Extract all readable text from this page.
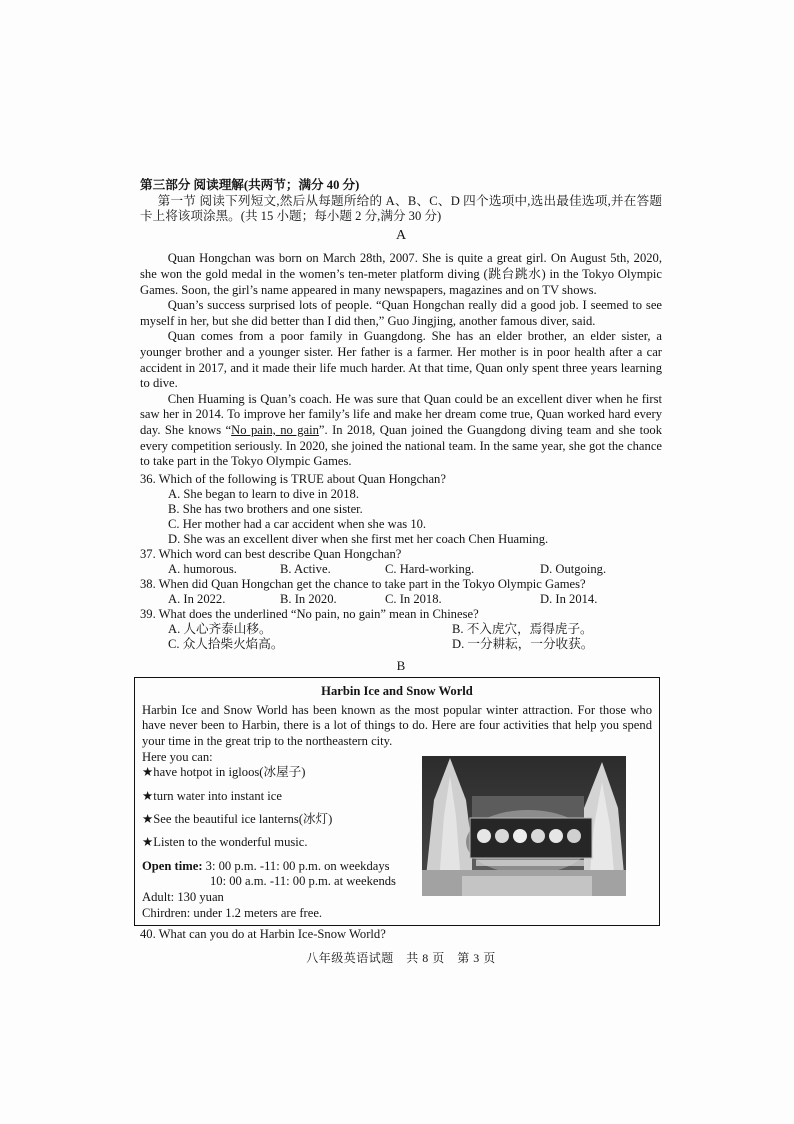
第三部分 阅读理解(共两节；满分 40 分)

第一节 阅读下列短文,然后从每题所给的 A、B、C、D 四个选项中,选出最佳选项,并在答题卡上将该项涂黑。(共 15 小题；每小题 2 分,满分 30 分)

A

Quan Hongchan was born on March 28th, 2007. She is quite a great girl. On August 5th, 2020, she won the gold medal in the women’s ten-meter platform diving (跳台跳水) in the Tokyo Olympic Games. Soon, the girl’s name appeared in many newspapers, magazines and on TV shows.

Quan’s success surprised lots of people. “Quan Hongchan really did a good job. I seemed to see myself in her, but she did better than I did then,” Guo Jingjing, another famous diver, said.

Quan comes from a poor family in Guangdong. She has an elder brother, an elder sister, a younger brother and a younger sister. Her father is a farmer. Her mother is in poor health after a car accident in 2017, and it made their life much harder. At that time, Quan only spent three years learning to dive.

Chen Huaming is Quan’s coach. He was sure that Quan could be an excellent diver when he first saw her in 2014. To improve her family’s life and make her dream come true, Quan worked hard every day. She knows “No pain, no gain”. In 2018, Quan joined the Guangdong diving team and she took every competition seriously. In 2020, she joined the national team. In the same year, she got the chance to take part in the Tokyo Olympic Games.

36. Which of the following is TRUE about Quan Hongchan?

A. She began to learn to dive in 2018.

B. She has two brothers and one sister.

C. Her mother had a car accident when she was 10.

D. She was an excellent diver when she first met her coach Chen Huaming.

37. Which word can best describe Quan Hongchan?

A. humorous.	B. Active.	C. Hard-working.	D. Outgoing.

38. When did Quan Hongchan get the chance to take part in the Tokyo Olympic Games?

A. In 2022.	B. In 2020.	C. In 2018.	D. In 2014.

39. What does the underlined “No pain, no gain” mean in Chinese?

A. 人心齐泰山移。	B. 不入虎穴，焉得虎子。
C. 众人拾柴火焰高。	D. 一分耕耘，一分收获。
B
Harbin Ice and Snow World

Harbin Ice and Snow World has been known as the most popular winter attraction. For those who have never been to Harbin, there is a lot of things to do. Here are four activities that help you spend your time in the great trip to the northeastern city.

Here you can:

★have hotpot in igloos(冰屋子)

★turn water into instant ice

★See the beautiful ice lanterns(冰灯)

★Listen to the wonderful music.

Open time: 3: 00 p.m. -11: 00 p.m. on weekdays

10: 00 a.m. -11: 00 p.m. at weekends

Adult: 130 yuan

Chirdren: under 1.2 meters are free.

40. What can you do at Harbin Ice-Snow World?

八年级英语试题　共 8 页　第 3 页
